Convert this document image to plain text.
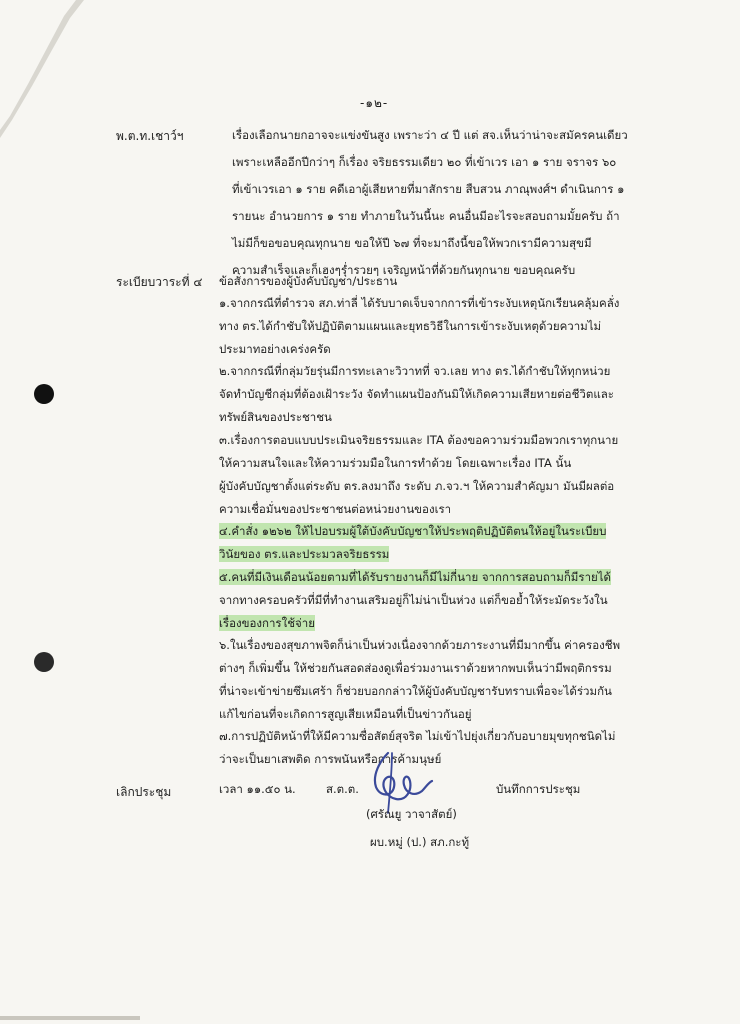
-๑๒-
พ.ต.ท.เชาว์ฯ	เรื่องเลือกนายกอาจจะแข่งขันสูง เพราะว่า ๔ ปี แต่ สจ.เห็นว่าน่าจะสมัครคนเดียว
เพราะเหลืออีกปีกว่าๆ ก็เรื่อง จริยธรรมเดียว ๒๐ ที่เข้าเวร เอา ๑ ราย จราจร ๖๐
ที่เข้าเวรเอา ๑ ราย คดีเอาผู้เสียหายที่มาสักราย สืบสวน ภาณุพงศ์ฯ ดำเนินการ ๑
รายนะ อำนวยการ ๑ ราย ทำภายในวันนี้นะ คนอื่นมีอะไรจะสอบถามมั้ยครับ ถ้า
ไม่มีก็ขอขอบคุณทุกนาย ขอให้ปี ๖๗ ที่จะมาถึงนี้ขอให้พวกเรามีความสุขมี
ความสำเร็จและก็เฮงๆรุ่ำรวยๆ เจริญหน้าที่ด้วยกันทุกนาย ขอบคุณครับ
ระเบียบวาระที่ ๔ ข้อสั่งการของผู้บังคับบัญชา/ประธาน
๑.จากกรณีที่ตำรวจ สภ.ท่าลี่ ได้รับบาดเจ็บจากการที่เข้าระงับเหตุนักเรียนคลุ้มคลั่ง
ทาง ตร.ได้กำชับให้ปฏิบัติตามแผนและยุทธวิธีในการเข้าระงับเหตุด้วยความไม่
ประมาทอย่างเคร่งครัด
๒.จากกรณีที่กลุ่มวัยรุ่นมีการทะเลาะวิวาทที่ จว.เลย ทาง ตร.ได้กำชับให้ทุกหน่วย
จัดทำบัญชีกลุ่มที่ต้องเฝ้าระวัง จัดทำแผนป้องกันมิให้เกิดความเสียหายต่อชีวิตและ
ทรัพย์สินของประชาชน
๓.เรื่องการตอบแบบประเมินจริยธรรมและ ITA ต้องขอความร่วมมือพวกเราทุกนาย
ให้ความสนใจและให้ความร่วมมือในการทำด้วย โดยเฉพาะเรื่อง ITA นั้น
ผู้บังคับบัญชาตั้งแต่ระดับ ตร.ลงมาถึง ระดับ ภ.จว.ฯ ให้ความสำคัญมา มันมีผลต่อ
ความเชื่อมั่นของประชาชนต่อหน่วยงานของเรา
๔.คำสั่ง ๑๒๖๒ ให้ไปอบรมผู้ใต้บังคับบัญชาให้ประพฤติปฏิบัติตนให้อยู่ในระเบียบ
วินัยของ ตร.และประมวลจริยธรรม
๕.คนที่มีเงินเดือนน้อยตามที่ได้รับรายงานก็มีไม่กี่นาย จากการสอบถามก็มีรายได้
จากทางครอบครัวที่มีที่ทำงานเสริมอยู่ก็ไม่น่าเป็นห่วง แต่ก็ขอย้ำให้ระมัดระวังใน
เรื่องของการใช้จ่าย
๖.ในเรื่องของสุขภาพจิตก็น่าเป็นห่วงเนื่องจากด้วยภาระงานที่มีมากขึ้น ค่าครองชีพ
ต่างๆ ก็เพิ่มขึ้น ให้ช่วยกันสอดส่องดูเพื่อร่วมงานเราด้วยหากพบเห็นว่ามีพฤติกรรม
ที่น่าจะเข้าข่ายซึมเศร้า ก็ช่วยบอกกล่าวให้ผู้บังคับบัญชารับทราบเพื่อจะได้ร่วมกัน
แก้ไขก่อนที่จะเกิดการสูญเสียเหมือนที่เป็นข่าวกันอยู่
๗.การปฏิบัติหน้าที่ให้มีความซื่อสัตย์สุจริต ไม่เข้าไปยุ่งเกี่ยวกับอบายมุขทุกชนิดไม่
ว่าจะเป็นยาเสพติด การพนันหรือการค้ามนุษย์
เลิกประชุม	เวลา ๑๑.๕๐ น.	ส.ต.ต.	บันทึกการประชุม
(ศรัณยู วาจาสัตย์)
ผบ.หมู่ (ป.) สภ.กะทู้
